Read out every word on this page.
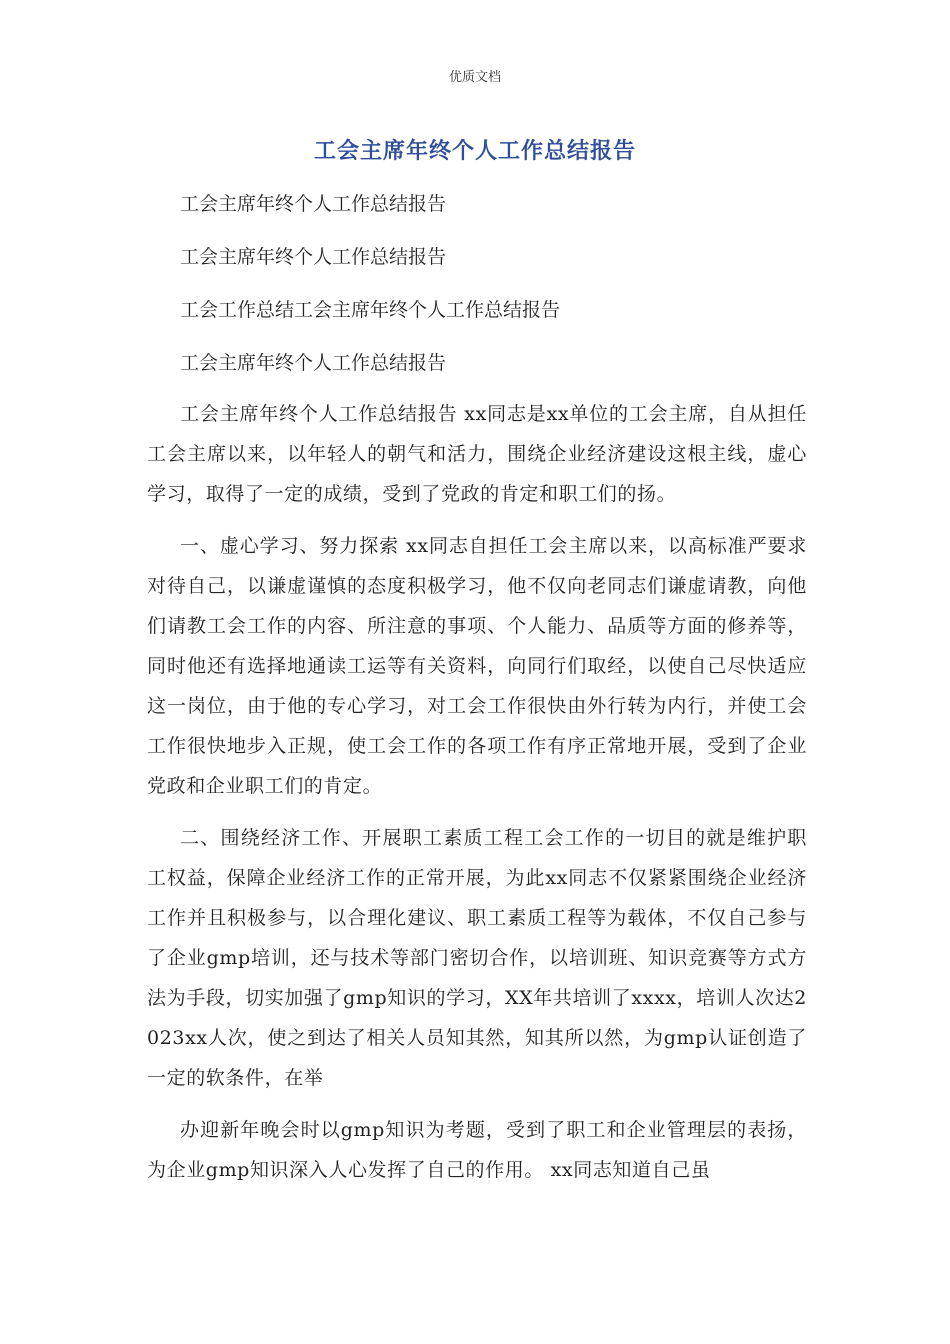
优质文档
工会主席年终个人工作总结报告

工会主席年终个人工作总结报告

工会主席年终个人工作总结报告

工会工作总结工会主席年终个人工作总结报告

工会主席年终个人工作总结报告

工会主席年终个人工作总结报告 xx同志是xx单位的工会主席，自从担任工会主席以来，以年轻人的朝气和活力，围绕企业经济建设这根主线，虚心学习，取得了一定的成绩，受到了党政的肯定和职工们的扬。

一、虚心学习、努力探索 xx同志自担任工会主席以来，以高标准严要求对待自己，以谦虚谨慎的态度积极学习，他不仅向老同志们谦虚请教，向他们请教工会工作的内容、所注意的事项、个人能力、品质等方面的修养等，同时他还有选择地通读工运等有关资料，向同行们取经，以使自己尽快适应这一岗位，由于他的专心学习，对工会工作很快由外行转为内行，并使工会工作很快地步入正规，使工会工作的各项工作有序正常地开展，受到了企业党政和企业职工们的肯定。

二、围绕经济工作、开展职工素质工程工会工作的一切目的就是维护职工权益，保障企业经济工作的正常开展，为此xx同志不仅紧紧围绕企业经济工作并且积极参与，以合理化建议、职工素质工程等为载体，不仅自己参与了企业gmp培训，还与技术等部门密切合作，以培训班、知识竞赛等方式方法为手段，切实加强了gmp知识的学习，XX年共培训了xxxx，培训人次达2023xx人次，使之到达了相关人员知其然，知其所以然，为gmp认证创造了一定的软条件，在举

办迎新年晚会时以gmp知识为考题，受到了职工和企业管理层的表扬，为企业gmp知识深入人心发挥了自己的作用。 xx同志知道自己虽
